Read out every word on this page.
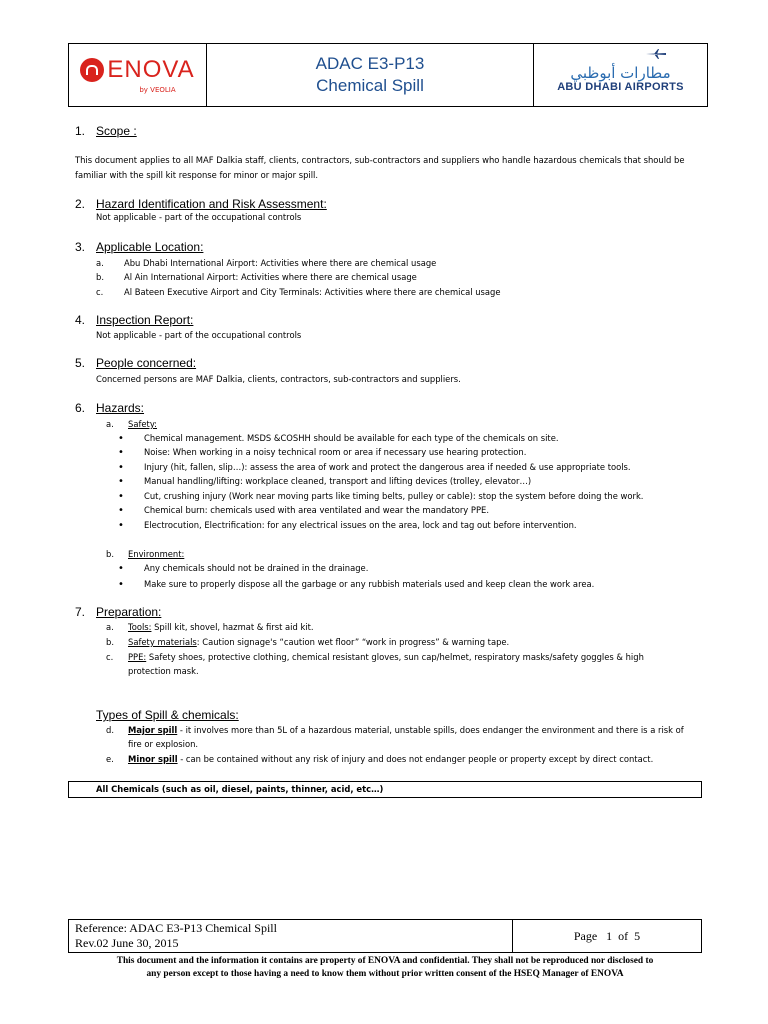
ENOVA
by VEOLIA
ADAC E3-P13
Chemical Spill
مطارات أبوظبي
ABU DHABI AIRPORTS
1. Scope :
This document applies to all MAF Dalkia staff, clients, contractors, sub-contractors and suppliers who handle hazardous chemicals that should be
familiar with the spill kit response for minor or major spill.
2. Hazard Identification and Risk Assessment:
Not applicable - part of the occupational controls
3. Applicable Location:
a. Abu Dhabi International Airport: Activities where there are chemical usage
b. Al Ain International Airport: Activities where there are chemical usage
c. Al Bateen Executive Airport and City Terminals: Activities where there are chemical usage
4. Inspection Report:
Not applicable - part of the occupational controls
5. People concerned:
Concerned persons are MAF Dalkia, clients, contractors, sub-contractors and suppliers.
6. Hazards:
a. Safety:
• Chemical management. MSDS &COSHH should be available for each type of the chemicals on site.
• Noise: When working in a noisy technical room or area if necessary use hearing protection.
• Injury (hit, fallen, slip…): assess the area of work and protect the dangerous area if needed & use appropriate tools.
• Manual handling/lifting: workplace cleaned, transport and lifting devices (trolley, elevator…)
• Cut, crushing injury (Work near moving parts like timing belts, pulley or cable): stop the system before doing the work.
• Chemical burn: chemicals used with area ventilated and wear the mandatory PPE.
• Electrocution, Electrification: for any electrical issues on the area, lock and tag out before intervention.
b. Environment:
• Any chemicals should not be drained in the drainage.
• Make sure to properly dispose all the garbage or any rubbish materials used and keep clean the work area.
7. Preparation:
a. Tools: Spill kit, shovel, hazmat & first aid kit.
b. Safety materials: Caution signage's “caution wet floor” “work in progress” & warning tape.
c. PPE: Safety shoes, protective clothing, chemical resistant gloves, sun cap/helmet, respiratory masks/safety goggles & high
protection mask.
Types of Spill & chemicals:
d. Major spill - it involves more than 5L of a hazardous material, unstable spills, does endanger the environment and there is a risk of
fire or explosion.
e. Minor spill - can be contained without any risk of injury and does not endanger people or property except by direct contact.
All Chemicals (such as oil, diesel, paints, thinner, acid, etc…)
Reference: ADAC E3-P13 Chemical Spill
Rev.02 June 30, 2015
Page   1  of  5
This document and the information it contains are property of ENOVA and confidential. They shall not be reproduced nor disclosed to
any person except to those having a need to know them without prior written consent of the HSEQ Manager of ENOVA
